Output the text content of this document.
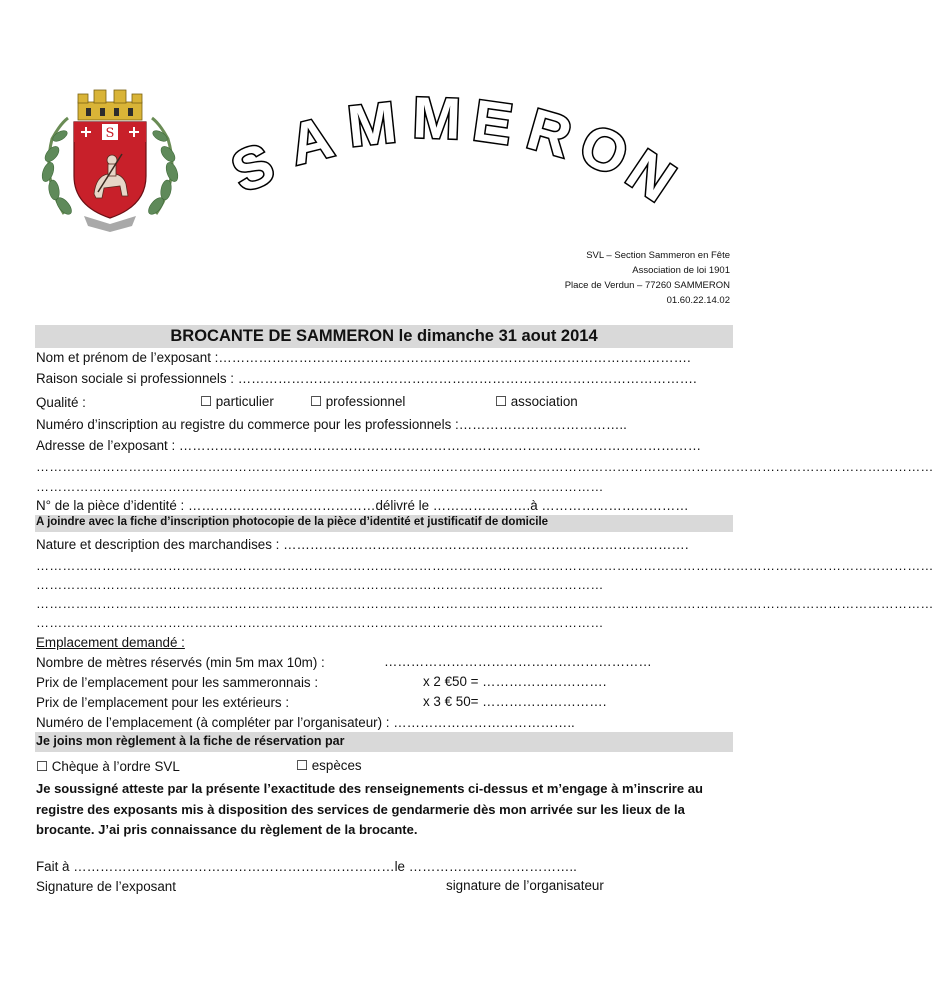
S S A M M E R
O
N
SVL – Section Sammeron en Fête
Association de loi 1901
Place de Verdun – 77260 SAMMERON
01.60.22.14.02
BROCANTE DE SAMMERON le dimanche 31 aout 2014
Nom et prénom de l’exposant :…………………………………………………………………………………………….
Raison sociale si professionnels : ………………………………………………………………………………………….
Qualité :	☐ particulier	☐ professionnel	☐ association
Numéro d’inscription au registre du commerce pour les professionnels :………………………………..
Adresse de l’exposant : ………………………………………………………………………………………………………
……………………………………………………………………………………………………………………………………………………………………………………
…………………………………………………………………………………………………………………
N° de la pièce d’identité : ……………………………………délivré le ………………….à ……………………………
A joindre avec la fiche d’inscription photocopie de la pièce d’identité et justificatif de domicile
Nature et description des marchandises : ……………………………………………………………………………….
……………………………………………………………………………………………………………………………………………………………………………………
…………………………………………………………………………………………………………………
……………………………………………………………………………………………………………………………………………………………………………………
…………………………………………………………………………………………………………………
Emplacement demandé :
Nombre de mètres réservés (min 5m max 10m) :	……………………………………………………
Prix de l’emplacement pour les sammeronnais :	x 2 €50 = ……………………….
Prix de l’emplacement pour les extérieurs :	x 3 € 50= ……………………….
Numéro de l’emplacement (à compléter par l’organisateur) : …………………………………..
Je joins mon règlement à la fiche de réservation par
☐ Chèque à l’ordre SVL	☐ espèces
Je soussigné atteste par la présente l’exactitude des renseignements ci-dessus et m’engage à m’inscrire au registre des exposants mis à disposition des services de gendarmerie dès mon arrivée sur les lieux de la brocante. J’ai pris connaissance du règlement de la brocante.
Fait à ………………………………………………………………le ………………………………..
Signature de l’exposant	signature de l’organisateur
